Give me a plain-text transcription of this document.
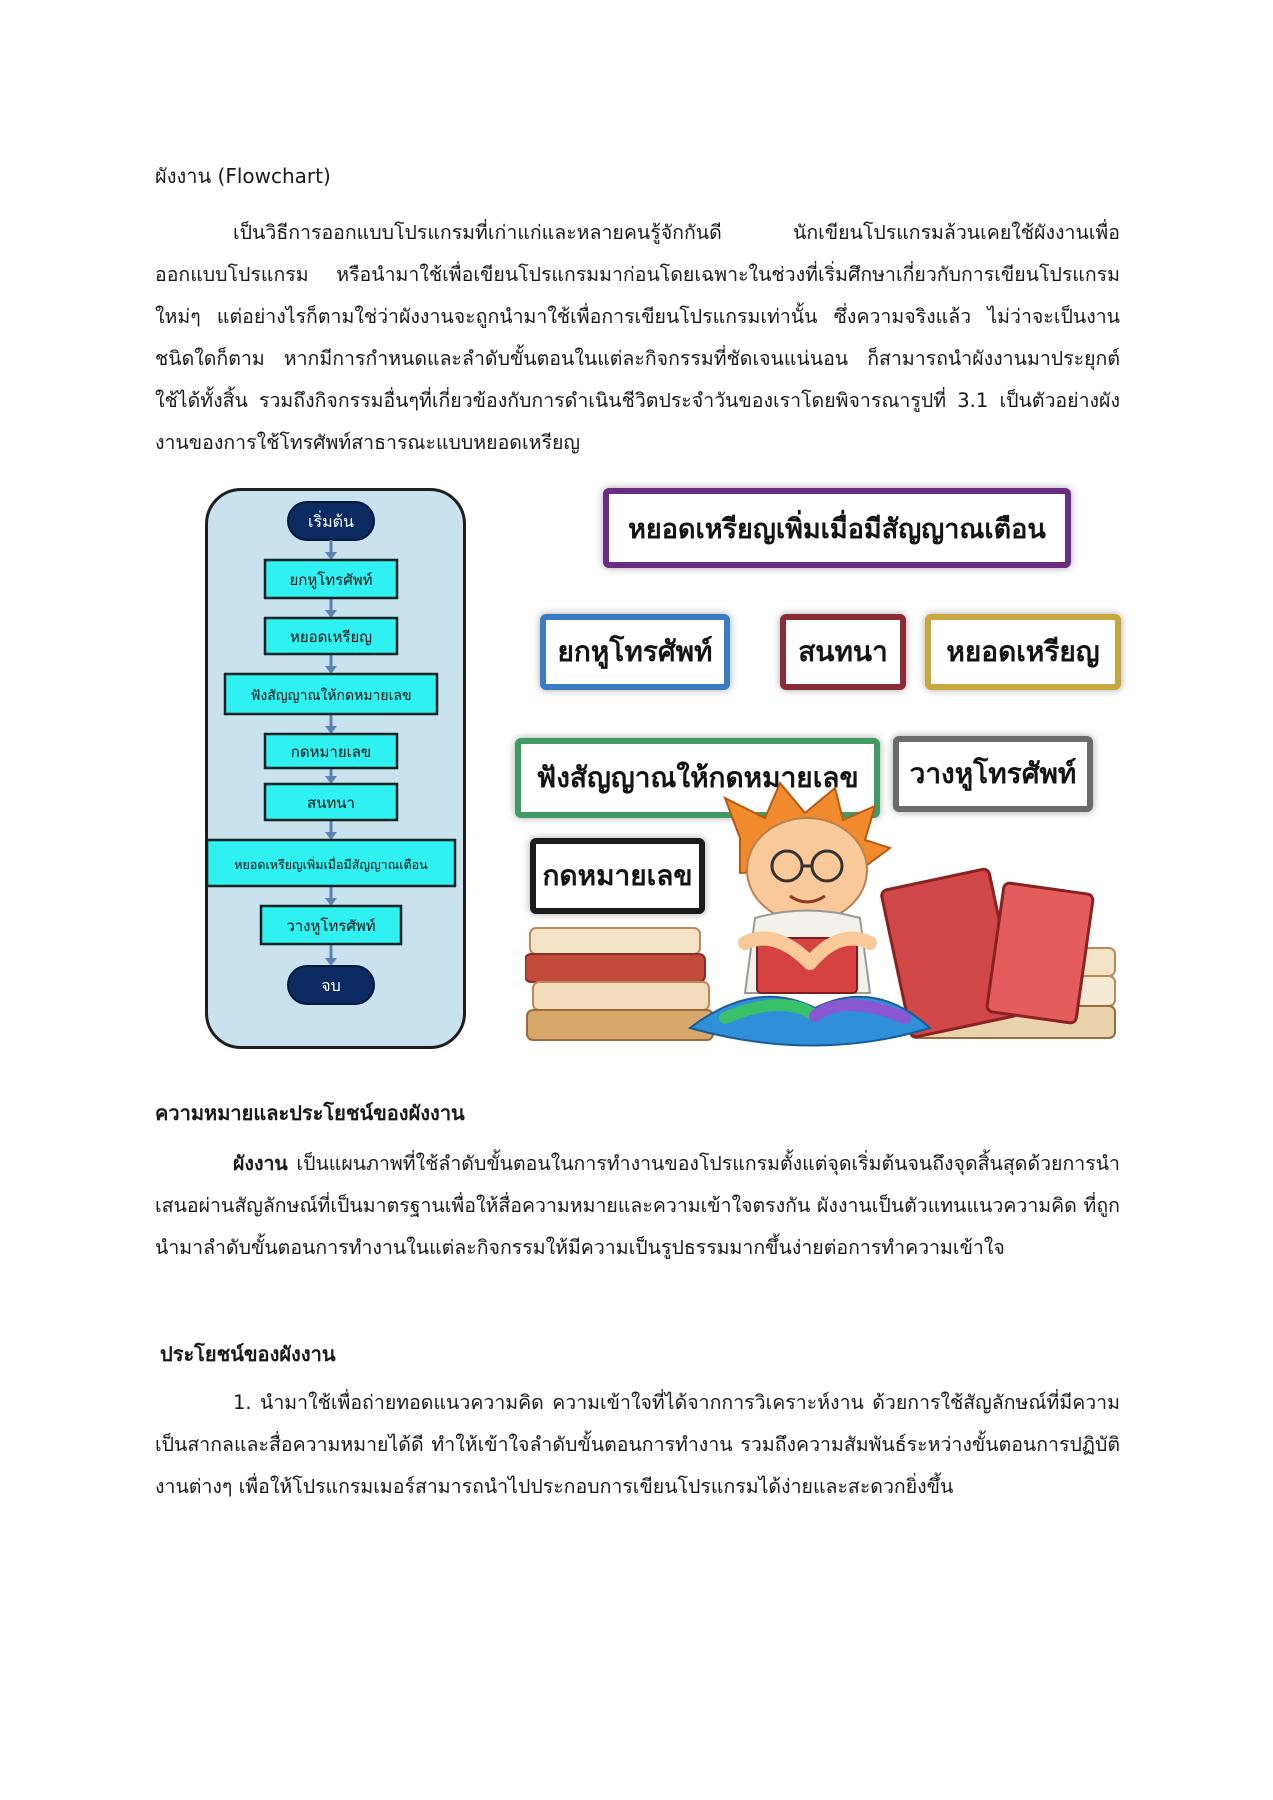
ผังงาน (Flowchart)

เป็นวิธีการออกแบบโปรแกรมที่เก่าแก่และหลายคนรู้จักกันดี นักเขียนโปรแกรมล้วนเคยใช้ผังงานเพื่อออกแบบโปรแกรม หรือนำมาใช้เพื่อเขียนโปรแกรมมาก่อนโดยเฉพาะในช่วงที่เริ่มศึกษาเกี่ยวกับการเขียนโปรแกรมใหม่ๆ แต่อย่างไรก็ตามใช่ว่าผังงานจะถูกนำมาใช้เพื่อการเขียนโปรแกรมเท่านั้น ซึ่งความจริงแล้ว ไม่ว่าจะเป็นงานชนิดใดก็ตาม หากมีการกำหนดและลำดับขั้นตอนในแต่ละกิจกรรมที่ชัดเจนแน่นอน ก็สามารถนำผังงานมาประยุกต์ใช้ได้ทั้งสิ้น รวมถึงกิจกรรมอื่นๆที่เกี่ยวข้องกับการดำเนินชีวิตประจำวันของเราโดยพิจารณารูปที่ 3.1 เป็นตัวอย่างผังงานของการใช้โทรศัพท์สาธารณะแบบหยอดเหรียญ

เริ่มต้น
ยกหูโทรศัพท์
หยอดเหรียญ
ฟังสัญญาณให้กดหมายเลข
กดหมายเลข
สนทนา
หยอดเหรียญเพิ่มเมื่อมีสัญญาณเตือน
วางหูโทรศัพท์
จบ
หยอดเหรียญเพิ่มเมื่อมีสัญญาณเตือน
ยกหูโทรศัพท์	สนทนา	หยอดเหรียญ
ฟังสัญญาณให้กดหมายเลข	วางหูโทรศัพท์
กดหมายเลข
ความหมายและประโยชน์ของผังงาน

ผังงาน เป็นแผนภาพที่ใช้ลำดับขั้นตอนในการทำงานของโปรแกรมตั้งแต่จุดเริ่มต้นจนถึงจุดสิ้นสุดด้วยการนำเสนอผ่านสัญลักษณ์ที่เป็นมาตรฐานเพื่อให้สื่อความหมายและความเข้าใจตรงกัน ผังงานเป็นตัวแทนแนวความคิด ที่ถูกนำมาลำดับขั้นตอนการทำงานในแต่ละกิจกรรมให้มีความเป็นรูปธรรมมากขึ้นง่ายต่อการทำความเข้าใจ

ประโยชน์ของผังงาน

1. นำมาใช้เพื่อถ่ายทอดแนวความคิด ความเข้าใจที่ได้จากการวิเคราะห์งาน ด้วยการใช้สัญลักษณ์ที่มีความเป็นสากลและสื่อความหมายได้ดี ทำให้เข้าใจลำดับขั้นตอนการทำงาน รวมถึงความสัมพันธ์ระหว่างขั้นตอนการปฏิบัติงานต่างๆ เพื่อให้โปรแกรมเมอร์สามารถนำไปประกอบการเขียนโปรแกรมได้ง่ายและสะดวกยิ่งขึ้น
